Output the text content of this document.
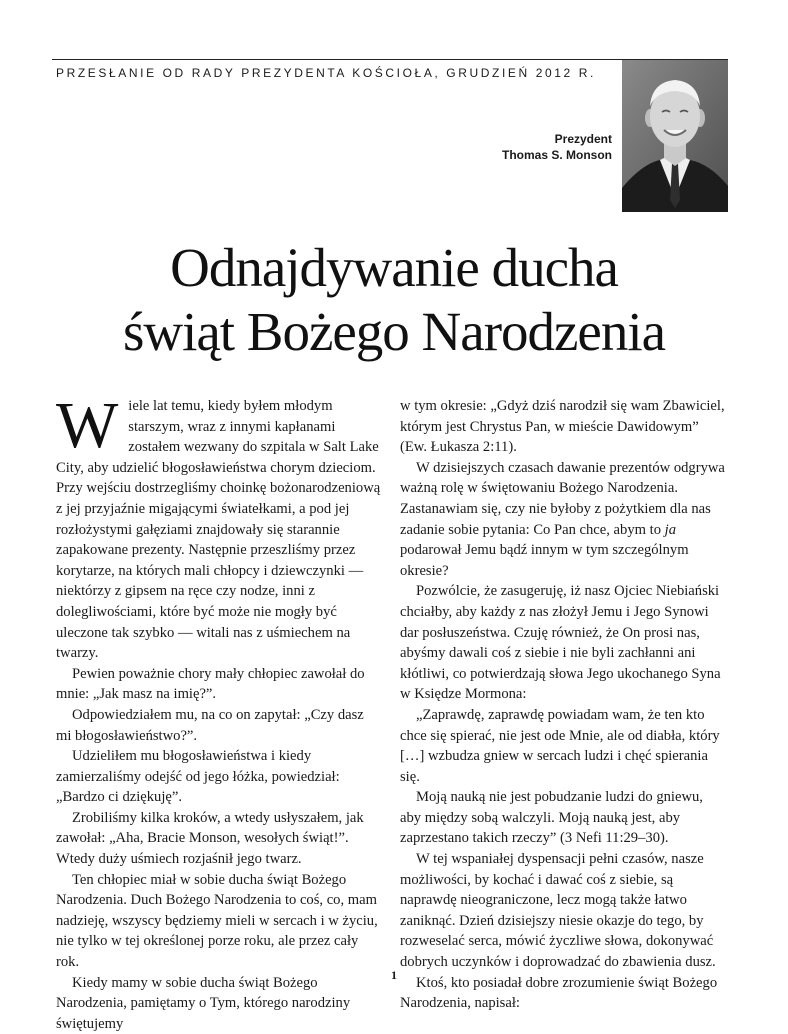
PRZESŁANIE OD RADY PREZYDENTA KOŚCIOŁA, GRUDZIEŃ 2012 R.
Prezydent
Thomas S. Monson
Odnajdywanie ducha
świąt Bożego Narodzenia
W iele lat temu, kiedy byłem młodym starszym, wraz z innymi kapłanami zostałem wezwany do szpitala w Salt Lake City, aby udzielić błogosławieństwa chorym dzieciom. Przy wejściu dostrzegliśmy choinkę bożonarodzeniową z jej przyjaźnie migającymi światełkami, a pod jej rozłożystymi gałęziami znajdowały się starannie zapakowane prezenty. Następnie przeszliśmy przez korytarze, na których mali chłopcy i dziewczynki — niektórzy z gipsem na ręce czy nodze, inni z dolegliwościami, które być może nie mogły być uleczone tak szybko — witali nas z uśmiechem na twarzy.

Pewien poważnie chory mały chłopiec zawołał do mnie: „Jak masz na imię?”.

Odpowiedziałem mu, na co on zapytał: „Czy dasz mi błogosławieństwo?”.

Udzieliłem mu błogosławieństwa i kiedy zamierzaliśmy odejść od jego łóżka, powiedział: „Bardzo ci dziękuję”.

Zrobiliśmy kilka kroków, a wtedy usłyszałem, jak zawołał: „Aha, Bracie Monson, wesołych świąt!”. Wtedy duży uśmiech rozjaśnił jego twarz.

Ten chłopiec miał w sobie ducha świąt Bożego Narodzenia. Duch Bożego Narodzenia to coś, co, mam nadzieję, wszyscy będziemy mieli w sercach i w życiu, nie tylko w tej określonej porze roku, ale przez cały rok.

Kiedy mamy w sobie ducha świąt Bożego Narodzenia, pamiętamy o Tym, którego narodziny świętujemy

w tym okresie: „Gdyż dziś narodził się wam Zbawiciel, którym jest Chrystus Pan, w mieście Dawidowym” (Ew. Łukasza 2:11).

W dzisiejszych czasach dawanie prezentów odgrywa ważną rolę w świętowaniu Bożego Narodzenia. Zastanawiam się, czy nie byłoby z pożytkiem dla nas zadanie sobie pytania: Co Pan chce, abym to ja podarował Jemu bądź innym w tym szczególnym okresie?

Pozwólcie, że zasugeruję, iż nasz Ojciec Niebiański chciałby, aby każdy z nas złożył Jemu i Jego Synowi dar posłuszeństwa. Czuję również, że On prosi nas, abyśmy dawali coś z siebie i nie byli zachłanni ani kłótliwi, co potwierdzają słowa Jego ukochanego Syna w Księdze Mormona:

„Zaprawdę, zaprawdę powiadam wam, że ten kto chce się spierać, nie jest ode Mnie, ale od diabła, który […] wzbudza gniew w sercach ludzi i chęć spierania się.

Moją nauką nie jest pobudzanie ludzi do gniewu, aby między sobą walczyli. Moją nauką jest, aby zaprzestano takich rzeczy” (3 Nefi 11:29–30).

W tej wspaniałej dyspensacji pełni czasów, nasze możliwości, by kochać i dawać coś z siebie, są naprawdę nieograniczone, lecz mogą także łatwo zaniknąć. Dzień dzisiejszy niesie okazje do tego, by rozweselać serca, mówić życzliwe słowa, dokonywać dobrych uczynków i doprowadzać do zbawienia dusz.

Ktoś, kto posiadał dobre zrozumienie świąt Bożego Narodzenia, napisał:

1
